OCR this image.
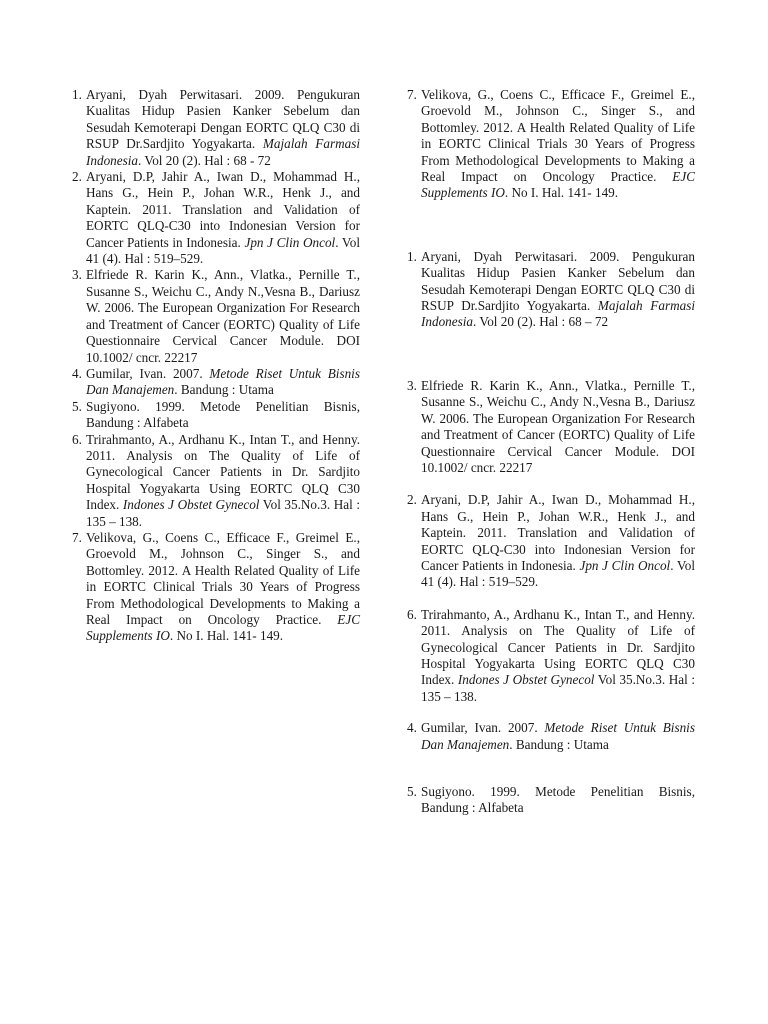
1. Aryani, Dyah Perwitasari. 2009. Pengukuran Kualitas Hidup Pasien Kanker Sebelum dan Sesudah Kemoterapi Dengan EORTC QLQ C30 di RSUP Dr.Sardjito Yogyakarta. Majalah Farmasi Indonesia. Vol 20 (2). Hal : 68 - 72
2. Aryani, D.P, Jahir A., Iwan D., Mohammad H., Hans G., Hein P., Johan W.R., Henk J., and Kaptein. 2011. Translation and Validation of EORTC QLQ-C30 into Indonesian Version for Cancer Patients in Indonesia. Jpn J Clin Oncol. Vol 41 (4). Hal : 519–529.
3. Elfriede R. Karin K., Ann., Vlatka., Pernille T., Susanne S., Weichu C., Andy N.,Vesna B., Dariusz W. 2006. The European Organization For Research and Treatment of Cancer (EORTC) Quality of Life Questionnaire Cervical Cancer Module. DOI 10.1002/ cncr. 22217
4. Gumilar, Ivan. 2007. Metode Riset Untuk Bisnis Dan Manajemen. Bandung : Utama
5. Sugiyono. 1999. Metode Penelitian Bisnis, Bandung : Alfabeta
6. Trirahmanto, A., Ardhanu K., Intan T., and Henny. 2011. Analysis on The Quality of Life of Gynecological Cancer Patients in Dr. Sardjito Hospital Yogyakarta Using EORTC QLQ C30 Index. Indones J Obstet Gynecol Vol 35.No.3. Hal : 135 – 138.
7. Velikova, G., Coens C., Efficace F., Greimel E., Groevold M., Johnson C., Singer S., and Bottomley. 2012. A Health Related Quality of Life in EORTC Clinical Trials 30 Years of Progress From Methodological Developments to Making a Real Impact on Oncology Practice. EJC Supplements IO. No I. Hal. 141- 149.
7. Velikova, G., Coens C., Efficace F., Greimel E., Groevold M., Johnson C., Singer S., and Bottomley. 2012. A Health Related Quality of Life in EORTC Clinical Trials 30 Years of Progress From Methodological Developments to Making a Real Impact on Oncology Practice. EJC Supplements IO. No I. Hal. 141- 149.
1. Aryani, Dyah Perwitasari. 2009. Pengukuran Kualitas Hidup Pasien Kanker Sebelum dan Sesudah Kemoterapi Dengan EORTC QLQ C30 di RSUP Dr.Sardjito Yogyakarta. Majalah Farmasi Indonesia. Vol 20 (2). Hal : 68 – 72
3. Elfriede R. Karin K., Ann., Vlatka., Pernille T., Susanne S., Weichu C., Andy N.,Vesna B., Dariusz W. 2006. The European Organization For Research and Treatment of Cancer (EORTC) Quality of Life Questionnaire Cervical Cancer Module. DOI 10.1002/ cncr. 22217
2. Aryani, D.P, Jahir A., Iwan D., Mohammad H., Hans G., Hein P., Johan W.R., Henk J., and Kaptein. 2011. Translation and Validation of EORTC QLQ-C30 into Indonesian Version for Cancer Patients in Indonesia. Jpn J Clin Oncol. Vol 41 (4). Hal : 519–529.
6. Trirahmanto, A., Ardhanu K., Intan T., and Henny. 2011. Analysis on The Quality of Life of Gynecological Cancer Patients in Dr. Sardjito Hospital Yogyakarta Using EORTC QLQ C30 Index. Indones J Obstet Gynecol Vol 35.No.3. Hal : 135 – 138.
4. Gumilar, Ivan. 2007. Metode Riset Untuk Bisnis Dan Manajemen. Bandung : Utama
5. Sugiyono. 1999. Metode Penelitian Bisnis, Bandung : Alfabeta
